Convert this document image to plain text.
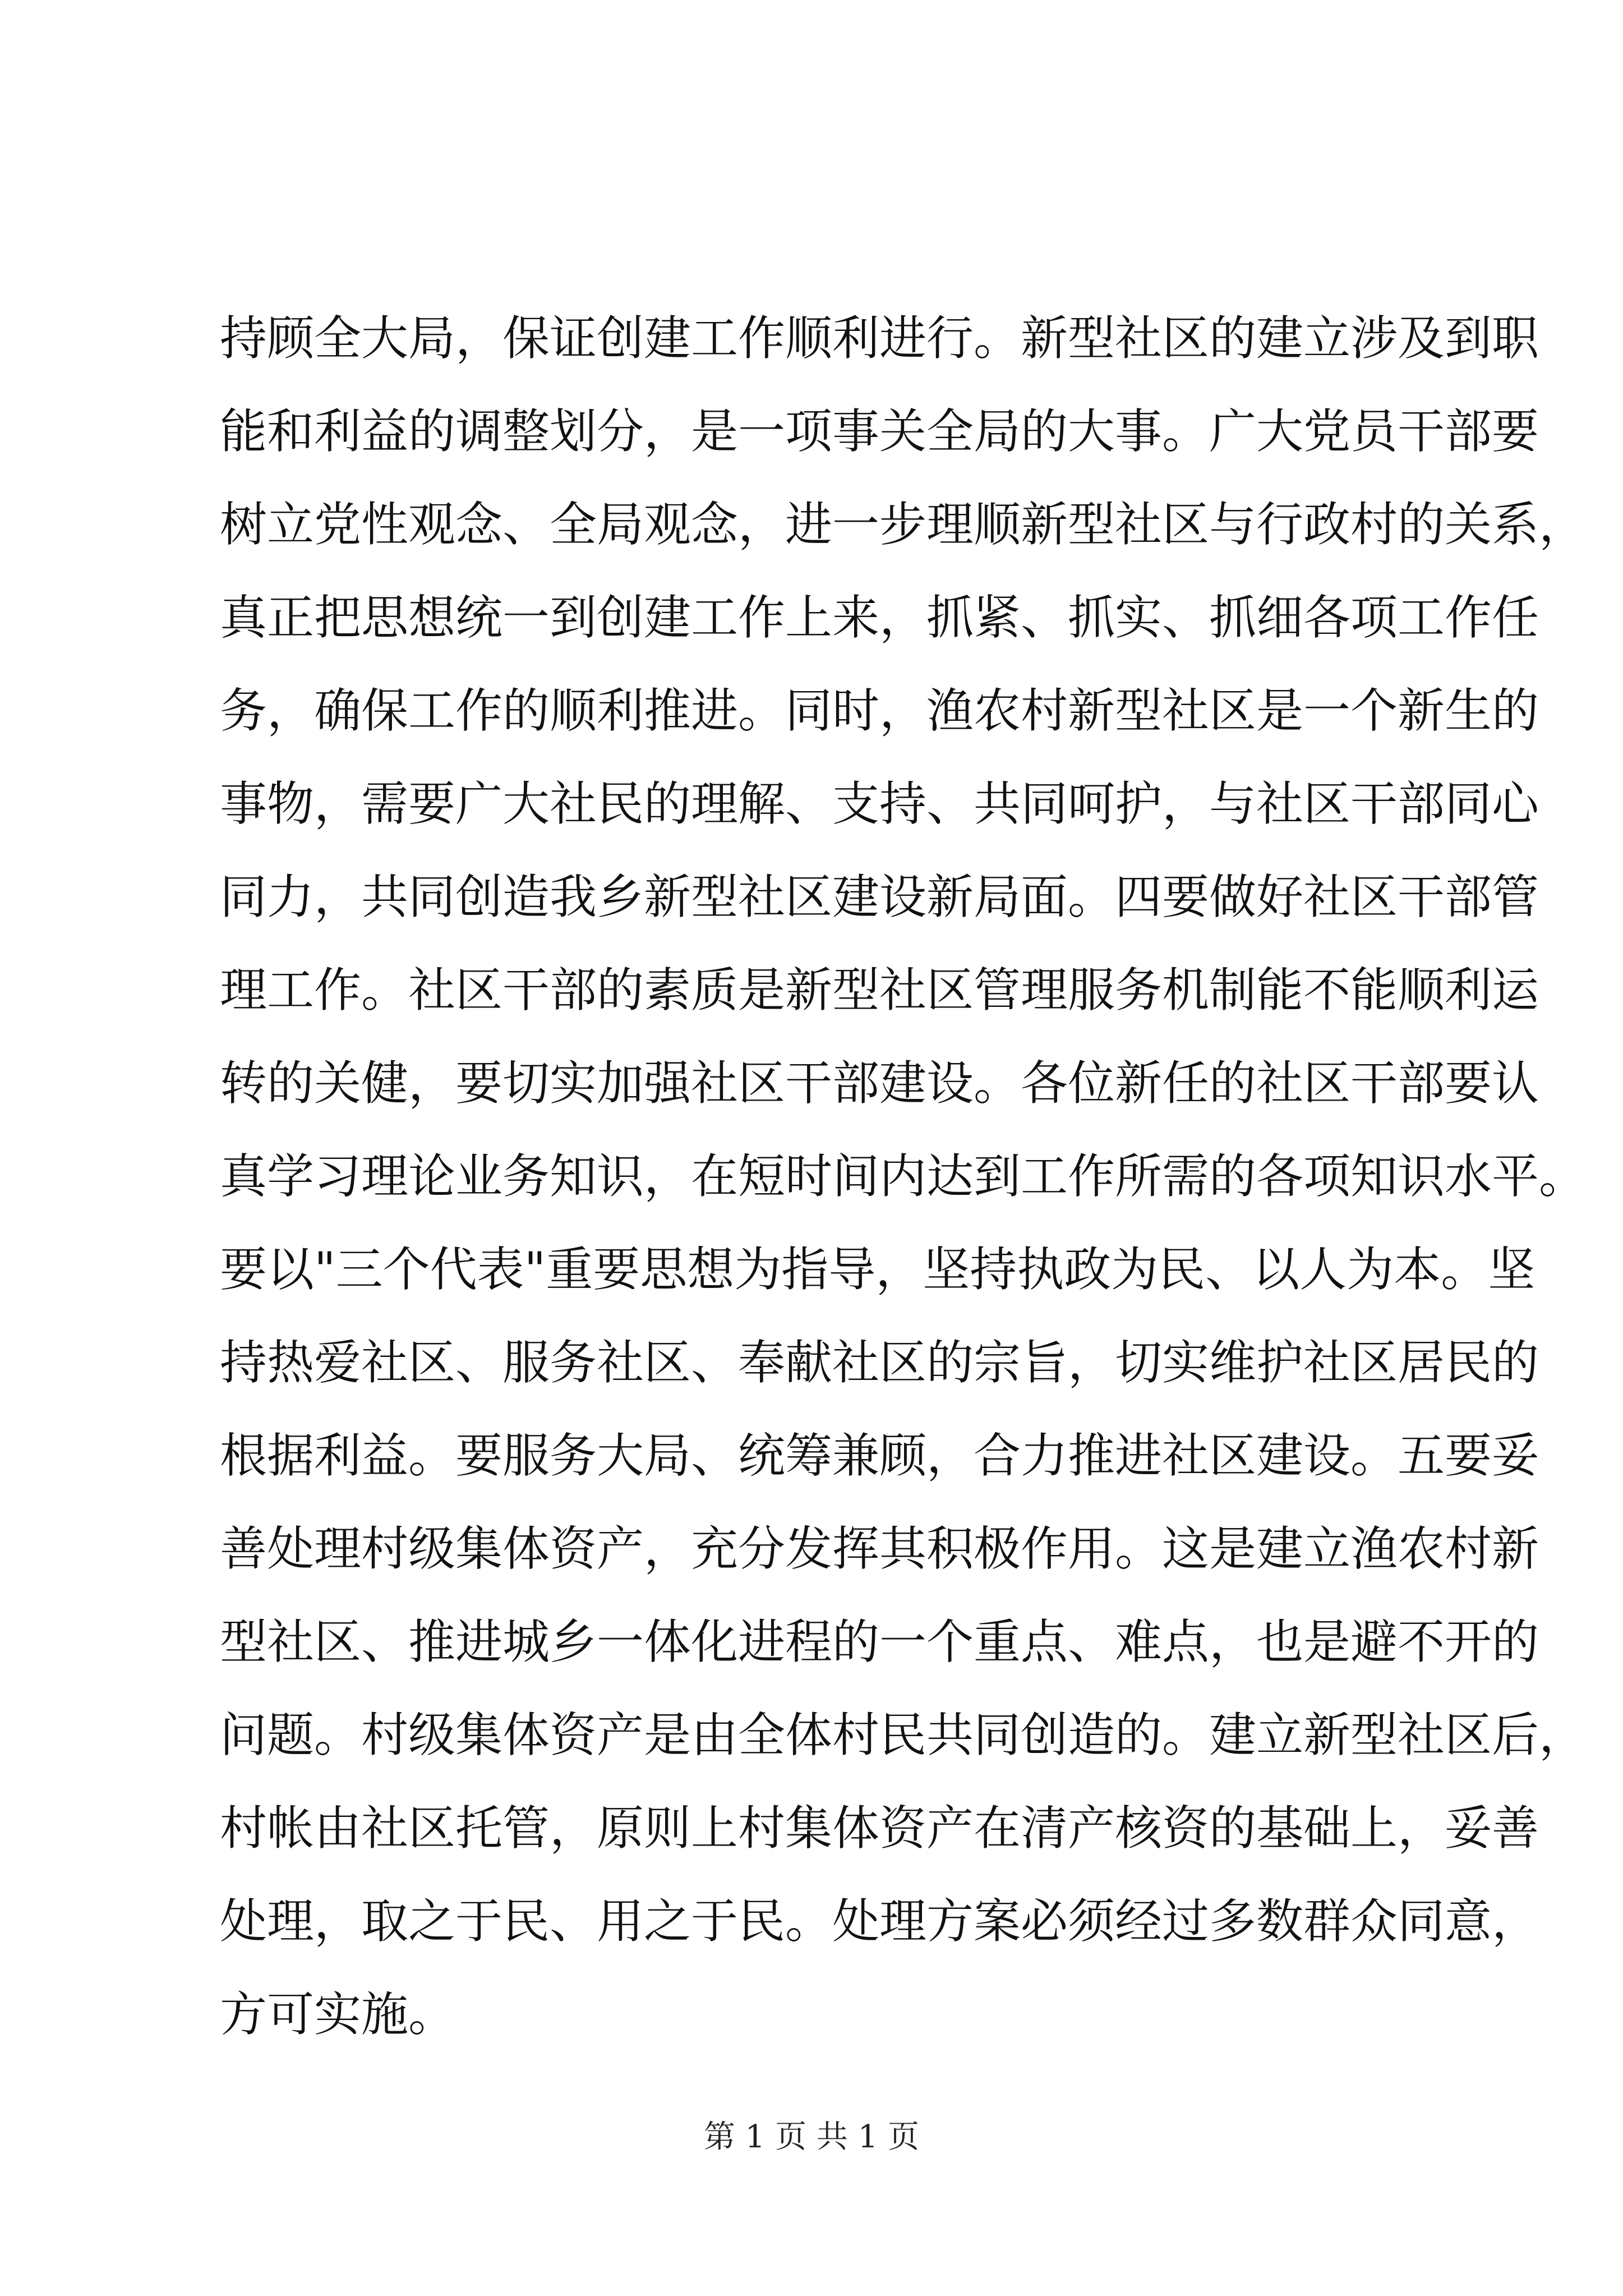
持顾全大局，保证创建工作顺利进行。新型社区的建立涉及到职
能和利益的调整划分，是一项事关全局的大事。广大党员干部要
树立党性观念、全局观念，进一步理顺新型社区与行政村的关系，
真正把思想统一到创建工作上来，抓紧、抓实、抓细各项工作任
务，确保工作的顺利推进。同时，渔农村新型社区是一个新生的
事物，需要广大社民的理解、支持、共同呵护，与社区干部同心
同力，共同创造我乡新型社区建设新局面。四要做好社区干部管
理工作。社区干部的素质是新型社区管理服务机制能不能顺利运
转的关健，要切实加强社区干部建设。各位新任的社区干部要认
真学习理论业务知识，在短时间内达到工作所需的各项知识水平。
要以"三个代表"重要思想为指导，坚持执政为民、以人为本。坚
持热爱社区、服务社区、奉献社区的宗旨，切实维护社区居民的
根据利益。要服务大局、统筹兼顾，合力推进社区建设。五要妥
善处理村级集体资产，充分发挥其积极作用。这是建立渔农村新
型社区、推进城乡一体化进程的一个重点、难点，也是避不开的
问题。村级集体资产是由全体村民共同创造的。建立新型社区后，
村帐由社区托管，原则上村集体资产在清产核资的基础上，妥善
处理，取之于民、用之于民。处理方案必须经过多数群众同意，
方可实施。
第 1 页 共 1 页
